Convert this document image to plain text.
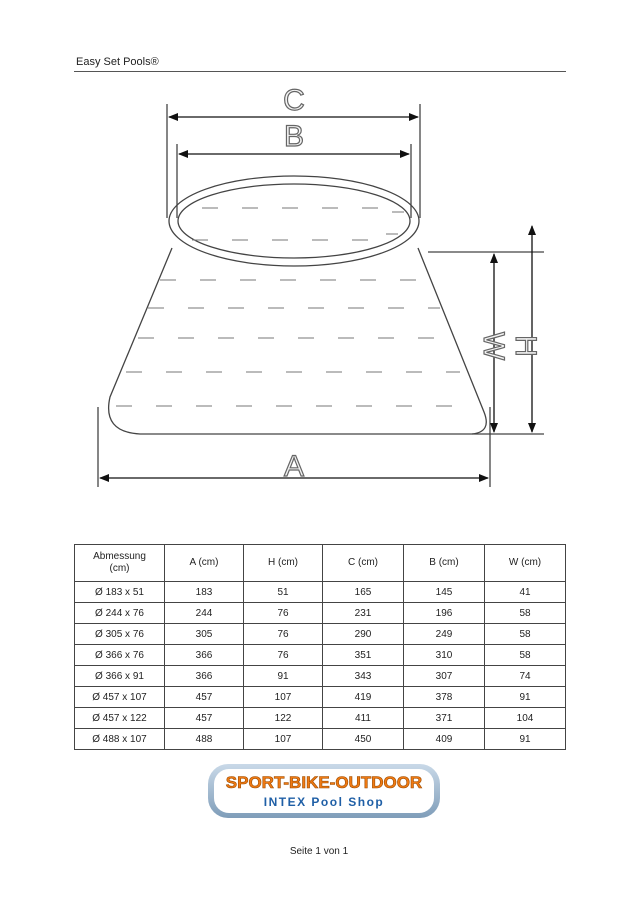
Easy Set Pools®
C
B
A
W H
Abmessung
(cm)	A (cm)	H (cm)	C (cm)	B (cm)	W (cm)
Ø 183 x 51	183	51	165	145	41
Ø 244 x 76	244	76	231	196	58
Ø 305 x 76	305	76	290	249	58
Ø 366 x 76	366	76	351	310	58
Ø 366 x 91	366	91	343	307	74
Ø 457 x 107	457	107	419	378	91
Ø 457 x 122	457	122	411	371	104
Ø 488 x 107	488	107	450	409	91
SPORT-BIKE-OUTDOOR
INTEX Pool Shop
Seite 1 von 1
